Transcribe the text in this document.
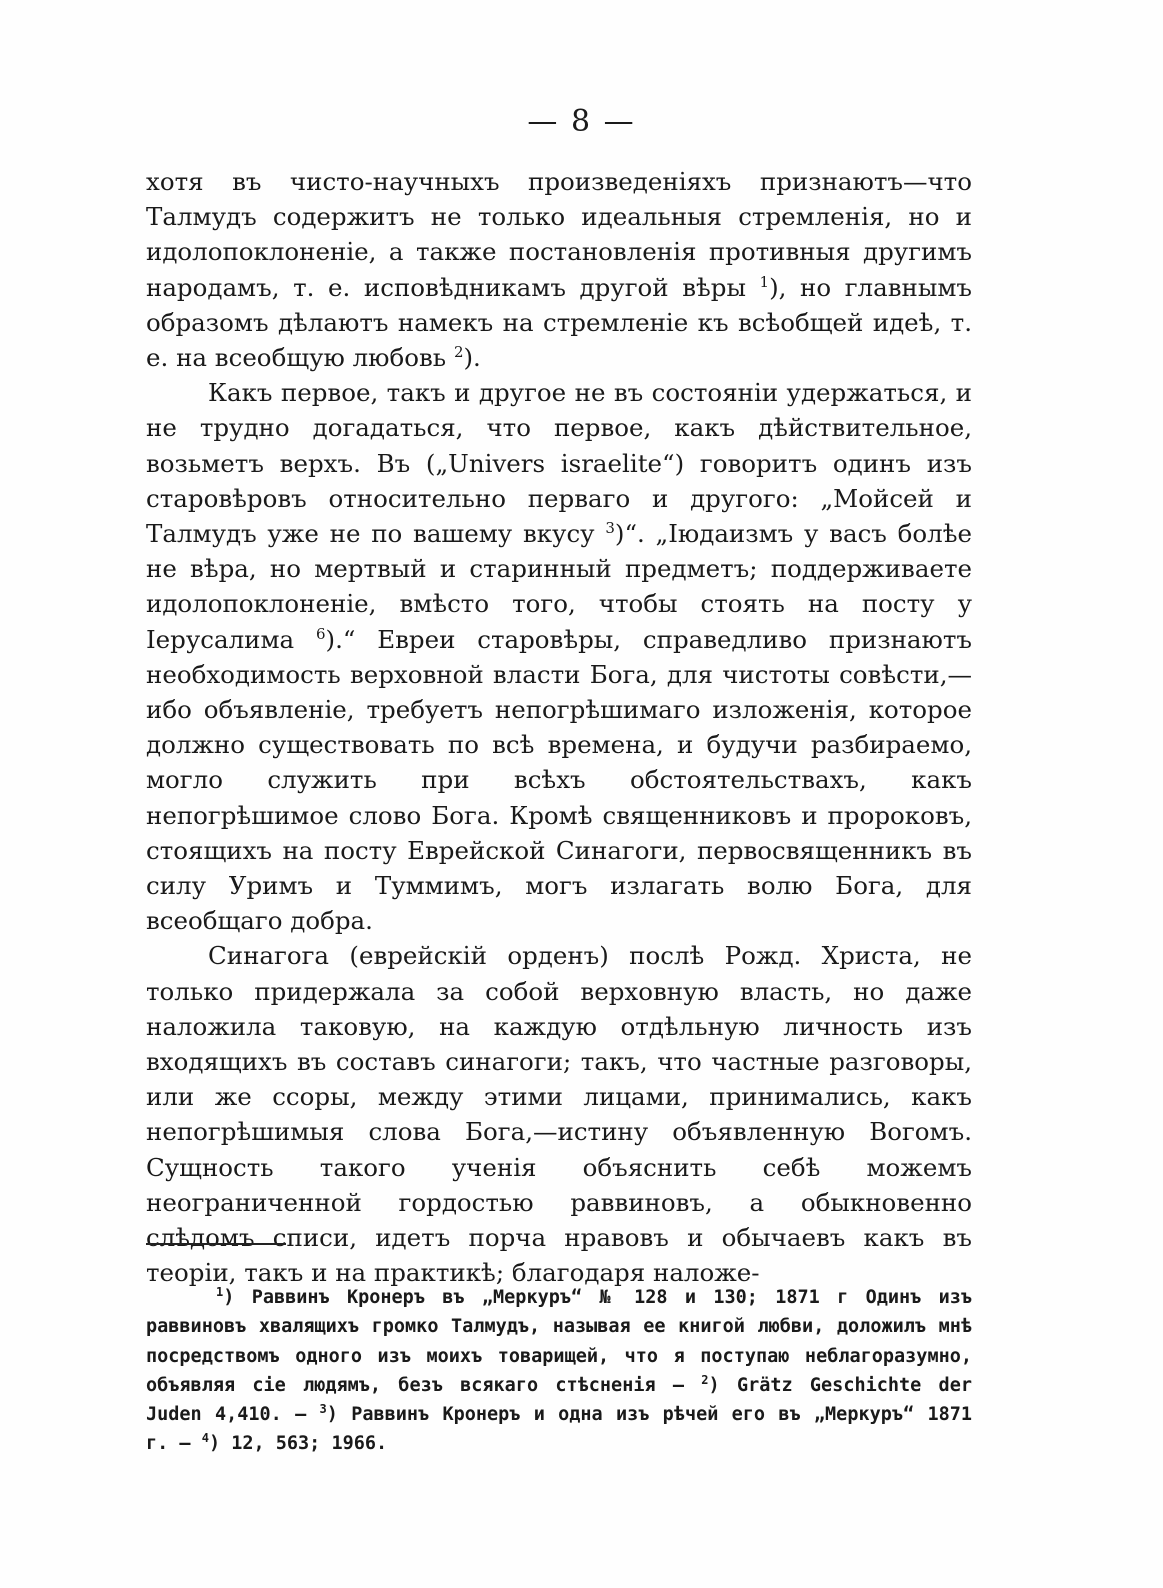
— 8 —

хотя въ чисто-научныхъ произведеніяхъ признаютъ—что Талмудъ содержитъ не только идеальныя стремленія, но и идолопоклоненіе, а также постановленія противныя другимъ народамъ, т. е. исповѣдникамъ другой вѣры $^1$), но главнымъ образомъ дѣлаютъ намекъ на стремленіе къ всѣобщей идеѣ, т. е. на всеобщую любовь $^2$).

Какъ первое, такъ и другое не въ состояніи удержаться, и не трудно догадаться, что первое, какъ дѣйствительное, возьметъ верхъ. Въ („Univers israelite“) говоритъ одинъ изъ старовѣровъ относительно перваго и другого: „Мойсей и Талмудъ уже не по вашему вкусу $^3$)“. „Іюдаизмъ у васъ болѣе не вѣра, но мертвый и старинный предметъ; поддерживаете идолопоклоненіе, вмѣсто того, чтобы стоять на посту у Іерусалима $^6$).“ Евреи старовѣры, справедливо признаютъ необходимость верховной власти Бога, для чистоты совѣсти,—ибо объявленіе, требуетъ непогрѣшимаго изложенія, которое должно существовать по всѣ времена, и будучи разбираемо, могло служить при всѣхъ обстоятельствахъ, какъ непогрѣшимое слово Бога. Кромѣ священниковъ и пророковъ, стоящихъ на посту Еврейской Синагоги, первосвященникъ въ силу Уримъ и Туммимъ, могъ излагать волю Бога, для всеобщаго добра.

Синагога (еврейскій орденъ) послѣ Рожд. Христа, не только придержала за собой верховную власть, но даже наложила таковую, на каждую отдѣльную личность изъ входящихъ въ составъ синагоги; такъ, что частные разговоры, или же ссоры, между этими лицами, принимались, какъ непогрѣшимыя слова Бога,—истину объявленную Вогомъ. Сущность такого ученія объяснить себѣ можемъ неограниченной гордостью раввиновъ, а обыкновенно слѣдомъ списи, идетъ порча нравовъ и обычаевъ какъ въ теоріи, такъ и на практикѣ; благодаря наложе-

$^1$) Раввинъ Кронеръ въ „Меркуръ“ № 128 и 130; 1871 г Одинъ изъ раввиновъ хвалящихъ громко Талмудъ, называя ее книгой любви, доложилъ мнѣ посредствомъ одного изъ моихъ товарищей, что я поступаю неблагоразумно, объявляя сіе людямъ, безъ всякаго стѣсненія — $^2$) Grätz Geschichte der Juden 4,410. — $^3$) Раввинъ Кронеръ и одна изъ рѣчей его въ „Меркуръ“ 1871 г. — $^4$) 12, 563; 1966.
